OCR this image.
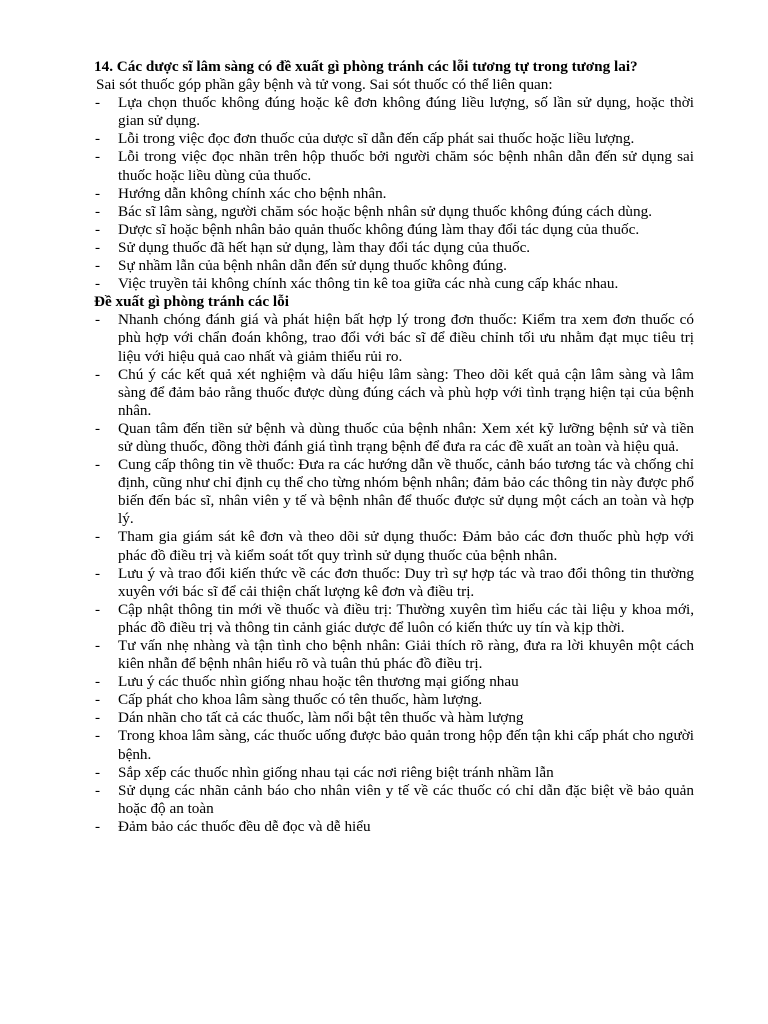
14. Các dược sĩ lâm sàng có đề xuất gì phòng tránh các lỗi tương tự trong tương lai?

Sai sót thuốc góp phần gây bệnh và tử vong. Sai sót thuốc có thể liên quan:

-	Lựa chọn thuốc không đúng hoặc kê đơn không đúng liều lượng, số lần sử dụng, hoặc thời gian sử dụng.
-	Lỗi trong việc đọc đơn thuốc của dược sĩ dẫn đến cấp phát sai thuốc hoặc liều lượng.
-	Lỗi trong việc đọc nhãn trên hộp thuốc bởi người chăm sóc bệnh nhân dẫn đến sử dụng sai thuốc hoặc liều dùng của thuốc.
-	Hướng dẫn không chính xác cho bệnh nhân.
-	Bác sĩ lâm sàng, người chăm sóc hoặc bệnh nhân sử dụng thuốc không đúng cách dùng.
-	Dược sĩ hoặc bệnh nhân bảo quản thuốc không đúng làm thay đổi tác dụng của thuốc.
-	Sử dụng thuốc đã hết hạn sử dụng, làm thay đổi tác dụng của thuốc.
-	Sự nhầm lẫn của bệnh nhân dẫn đến sử dụng thuốc không đúng.
-	Việc truyền tải không chính xác thông tin kê toa giữa các nhà cung cấp khác nhau.

Đề xuất gì phòng tránh các lỗi

-	Nhanh chóng đánh giá và phát hiện bất hợp lý trong đơn thuốc: Kiểm tra xem đơn thuốc có phù hợp với chẩn đoán không, trao đổi với bác sĩ để điều chỉnh tối ưu nhằm đạt mục tiêu trị liệu với hiệu quả cao nhất và giảm thiểu rủi ro.
-	Chú ý các kết quả xét nghiệm và dấu hiệu lâm sàng: Theo dõi kết quả cận lâm sàng và lâm sàng để đảm bảo rằng thuốc được dùng đúng cách và phù hợp với tình trạng hiện tại của bệnh nhân.
-	Quan tâm đến tiền sử bệnh và dùng thuốc của bệnh nhân: Xem xét kỹ lưỡng bệnh sử và tiền sử dùng thuốc, đồng thời đánh giá tình trạng bệnh để đưa ra các đề xuất an toàn và hiệu quả.
-	Cung cấp thông tin về thuốc: Đưa ra các hướng dẫn về thuốc, cảnh báo tương tác và chống chỉ định, cũng như chỉ định cụ thể cho từng nhóm bệnh nhân; đảm bảo các thông tin này được phổ biến đến bác sĩ, nhân viên y tế và bệnh nhân để thuốc được sử dụng một cách an toàn và hợp lý.
-	Tham gia giám sát kê đơn và theo dõi sử dụng thuốc: Đảm bảo các đơn thuốc phù hợp với phác đồ điều trị và kiểm soát tốt quy trình sử dụng thuốc của bệnh nhân.
-	Lưu ý và trao đổi kiến thức về các đơn thuốc: Duy trì sự hợp tác và trao đổi thông tin thường xuyên với bác sĩ để cải thiện chất lượng kê đơn và điều trị.
-	Cập nhật thông tin mới về thuốc và điều trị: Thường xuyên tìm hiểu các tài liệu y khoa mới, phác đồ điều trị và thông tin cảnh giác dược để luôn có kiến thức uy tín và kịp thời.
-	Tư vấn nhẹ nhàng và tận tình cho bệnh nhân: Giải thích rõ ràng, đưa ra lời khuyên một cách kiên nhẫn để bệnh nhân hiểu rõ và tuân thủ phác đồ điều trị.
-	Lưu ý các thuốc nhìn giống nhau hoặc tên thương mại giống nhau
-	Cấp phát cho khoa lâm sàng thuốc có tên thuốc, hàm lượng.
-	Dán nhãn cho tất cả các thuốc, làm nổi bật tên thuốc và hàm lượng
-	Trong khoa lâm sàng, các thuốc uống được bảo quản trong hộp đến tận khi cấp phát cho người bệnh.
-	Sắp xếp các thuốc nhìn giống nhau tại các nơi riêng biệt tránh nhầm lẫn
-	Sử dụng các nhãn cảnh báo cho nhân viên y tế về các thuốc có chỉ dẫn đặc biệt về bảo quản hoặc độ an toàn
-	Đảm bảo các thuốc đều dễ đọc và dễ hiểu
